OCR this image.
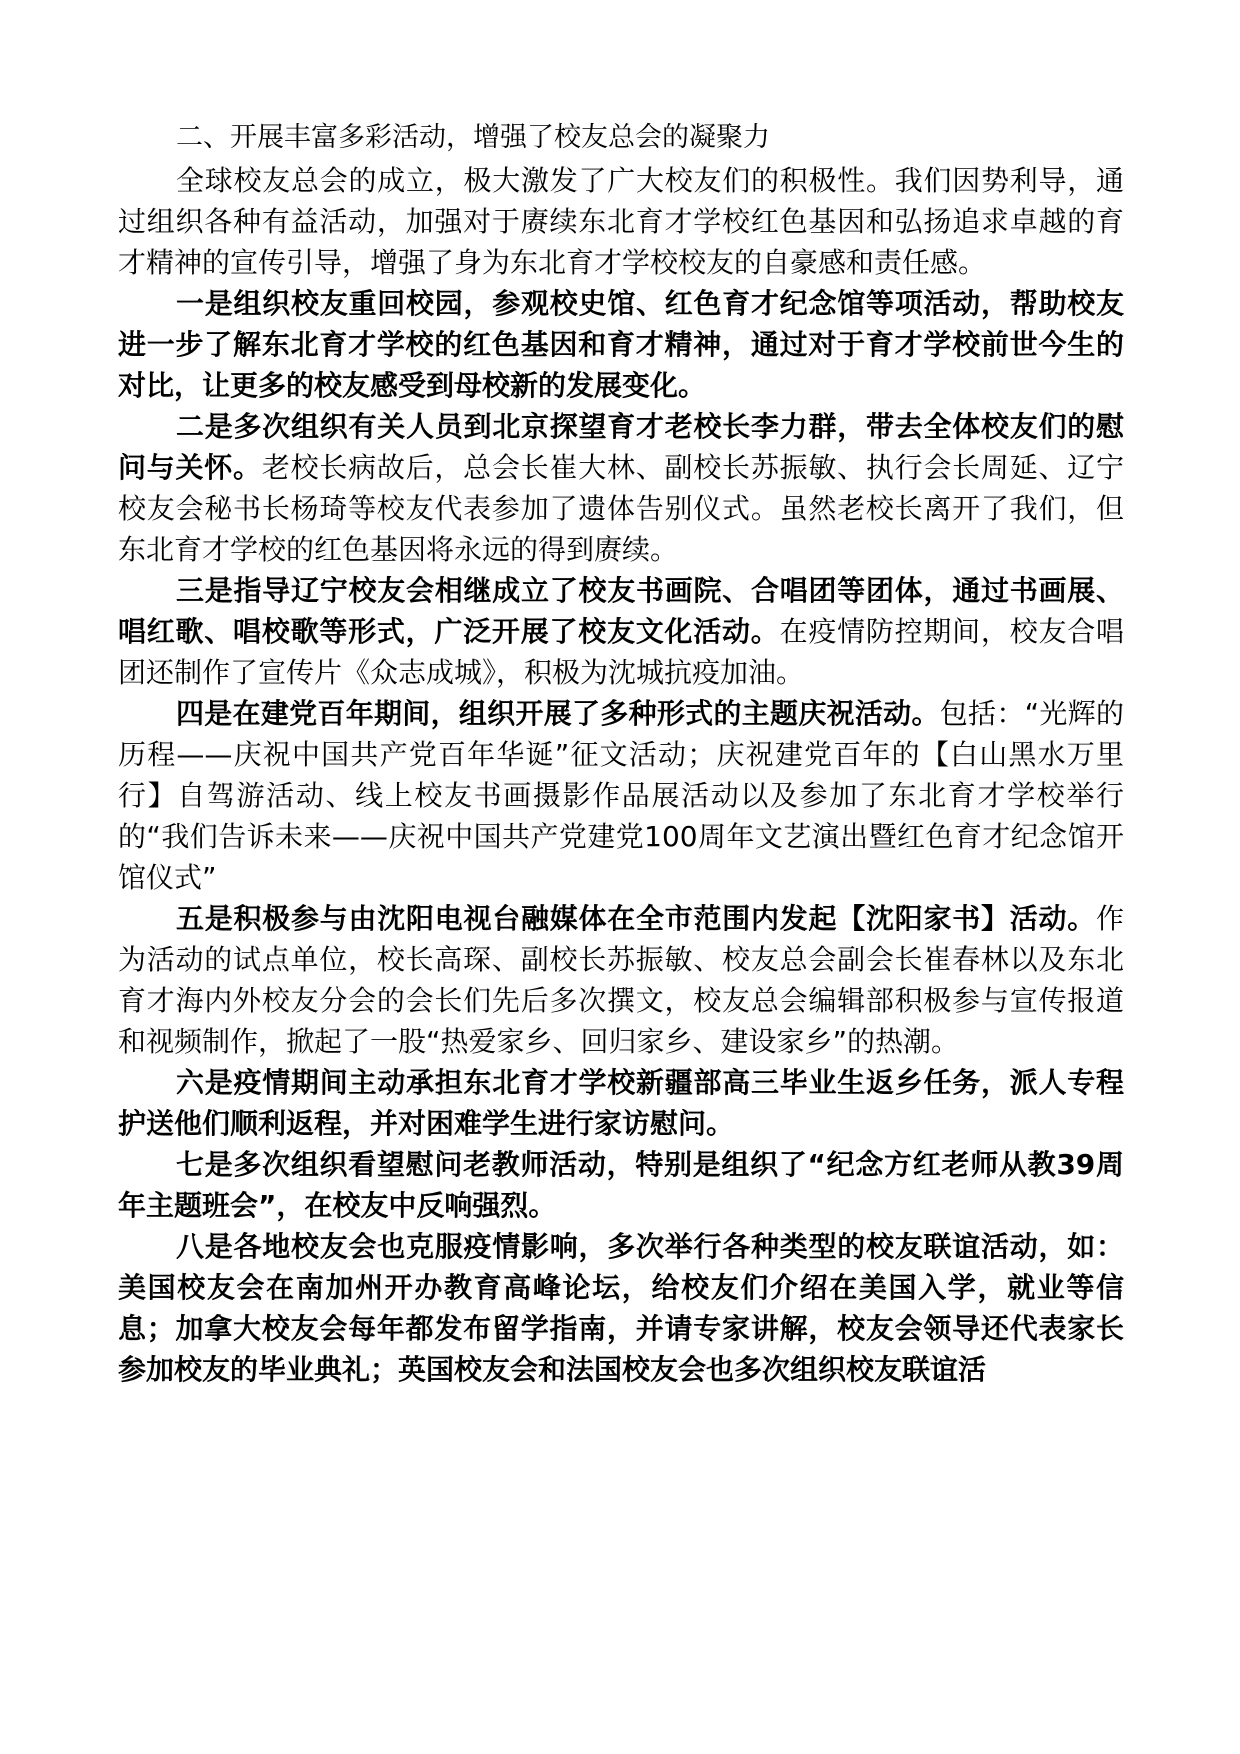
二、开展丰富多彩活动，增强了校友总会的凝聚力

全球校友总会的成立，极大激发了广大校友们的积极性。我们因势利导，通过组织各种有益活动，加强对于赓续东北育才学校红色基因和弘扬追求卓越的育才精神的宣传引导，增强了身为东北育才学校校友的自豪感和责任感。

一是组织校友重回校园，参观校史馆、红色育才纪念馆等项活动，帮助校友进一步了解东北育才学校的红色基因和育才精神，通过对于育才学校前世今生的对比，让更多的校友感受到母校新的发展变化。

二是多次组织有关人员到北京探望育才老校长李力群，带去全体校友们的慰问与关怀。老校长病故后，总会长崔大林、副校长苏振敏、执行会长周延、辽宁校友会秘书长杨琦等校友代表参加了遗体告别仪式。虽然老校长离开了我们，但东北育才学校的红色基因将永远的得到赓续。

三是指导辽宁校友会相继成立了校友书画院、合唱团等团体，通过书画展、唱红歌、唱校歌等形式，广泛开展了校友文化活动。在疫情防控期间，校友合唱团还制作了宣传片《众志成城》，积极为沈城抗疫加油。

四是在建党百年期间，组织开展了多种形式的主题庆祝活动。包括：“光辉的历程——庆祝中国共产党百年华诞”征文活动；庆祝建党百年的【白山黑水万里行】自驾游活动、线上校友书画摄影作品展活动以及参加了东北育才学校举行的“我们告诉未来——庆祝中国共产党建党100周年文艺演出暨红色育才纪念馆开馆仪式”

五是积极参与由沈阳电视台融媒体在全市范围内发起【沈阳家书】活动。作为活动的试点单位，校长高琛、副校长苏振敏、校友总会副会长崔春林以及东北育才海内外校友分会的会长们先后多次撰文，校友总会编辑部积极参与宣传报道和视频制作，掀起了一股“热爱家乡、回归家乡、建设家乡”的热潮。

六是疫情期间主动承担东北育才学校新疆部高三毕业生返乡任务，派人专程护送他们顺利返程，并对困难学生进行家访慰问。

七是多次组织看望慰问老教师活动，特别是组织了“纪念方红老师从教39周年主题班会”，在校友中反响强烈。

八是各地校友会也克服疫情影响，多次举行各种类型的校友联谊活动，如：美国校友会在南加州开办教育高峰论坛，给校友们介绍在美国入学，就业等信息；加拿大校友会每年都发布留学指南，并请专家讲解，校友会领导还代表家长参加校友的毕业典礼；英国校友会和法国校友会也多次组织校友联谊活
